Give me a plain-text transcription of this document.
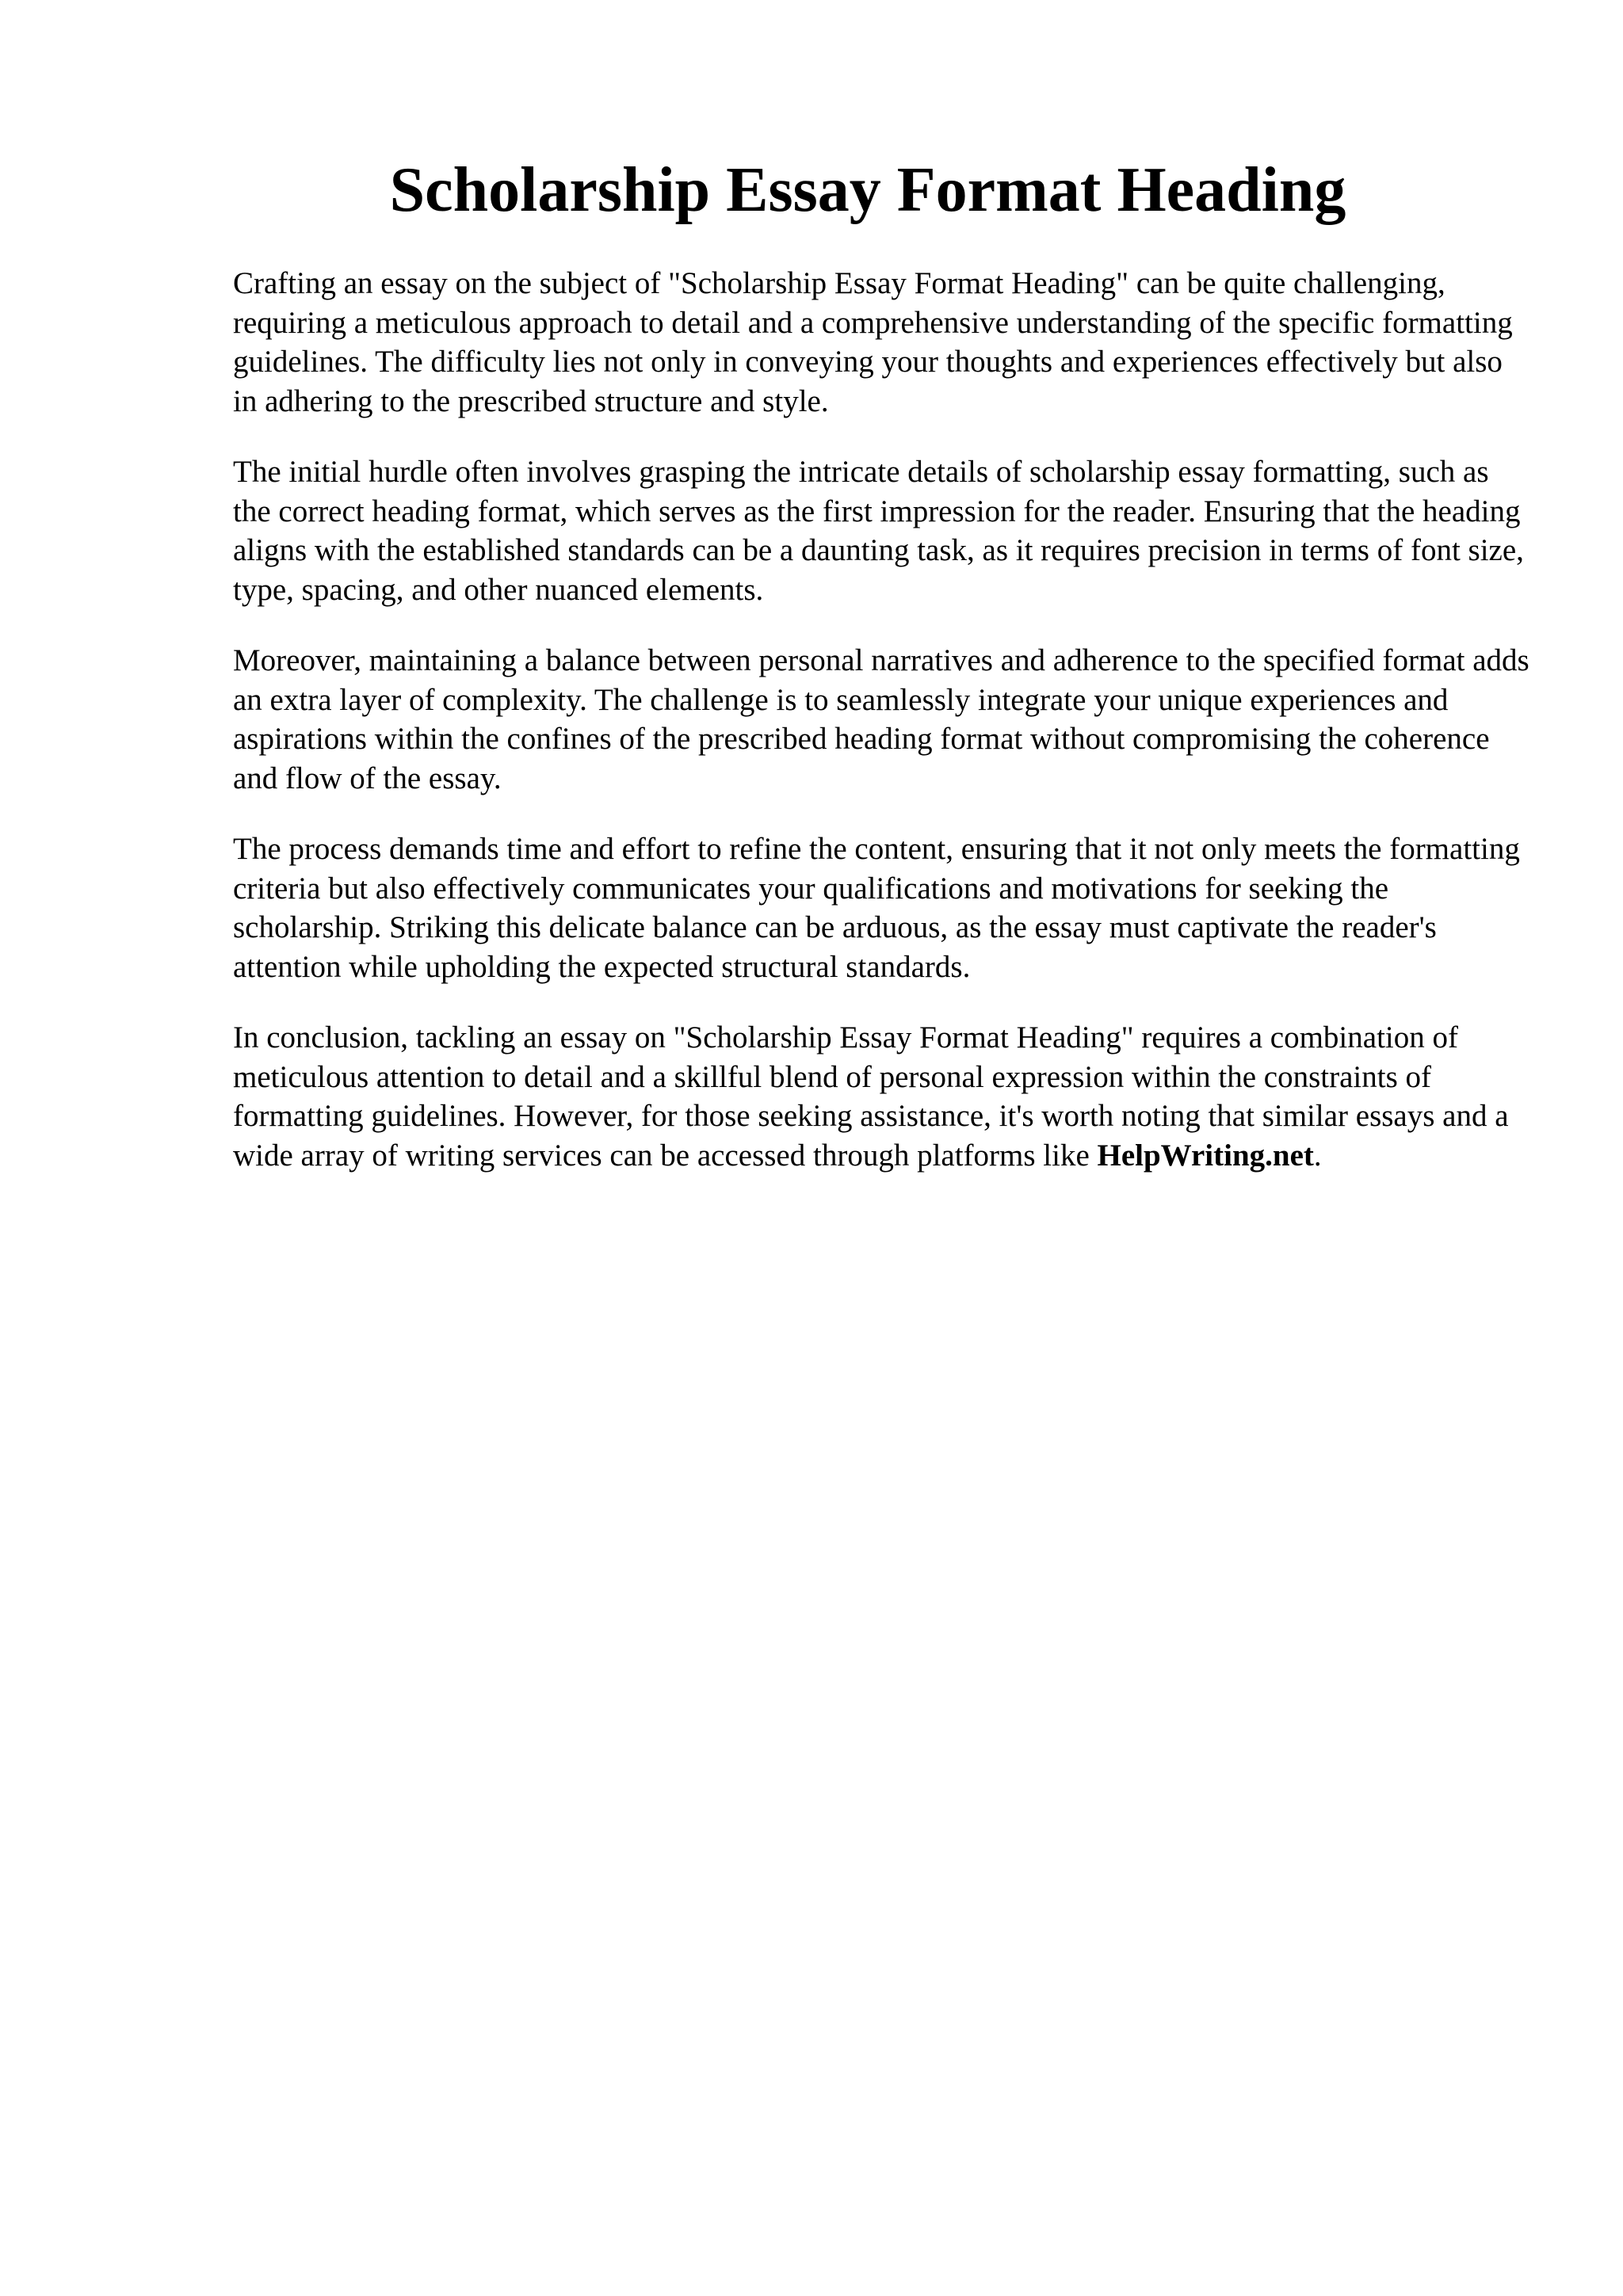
Scholarship Essay Format Heading

Crafting an essay on the subject of "Scholarship Essay Format Heading" can be quite challenging, requiring a meticulous approach to detail and a comprehensive understanding of the specific formatting guidelines. The difficulty lies not only in conveying your thoughts and experiences effectively but also in adhering to the prescribed structure and style.

The initial hurdle often involves grasping the intricate details of scholarship essay formatting, such as the correct heading format, which serves as the first impression for the reader. Ensuring that the heading aligns with the established standards can be a daunting task, as it requires precision in terms of font size, type, spacing, and other nuanced elements.

Moreover, maintaining a balance between personal narratives and adherence to the specified format adds an extra layer of complexity. The challenge is to seamlessly integrate your unique experiences and aspirations within the confines of the prescribed heading format without compromising the coherence and flow of the essay.

The process demands time and effort to refine the content, ensuring that it not only meets the formatting criteria but also effectively communicates your qualifications and motivations for seeking the scholarship. Striking this delicate balance can be arduous, as the essay must captivate the reader's attention while upholding the expected structural standards.

In conclusion, tackling an essay on "Scholarship Essay Format Heading" requires a combination of meticulous attention to detail and a skillful blend of personal expression within the constraints of formatting guidelines. However, for those seeking assistance, it's worth noting that similar essays and a wide array of writing services can be accessed through platforms like HelpWriting.net.
